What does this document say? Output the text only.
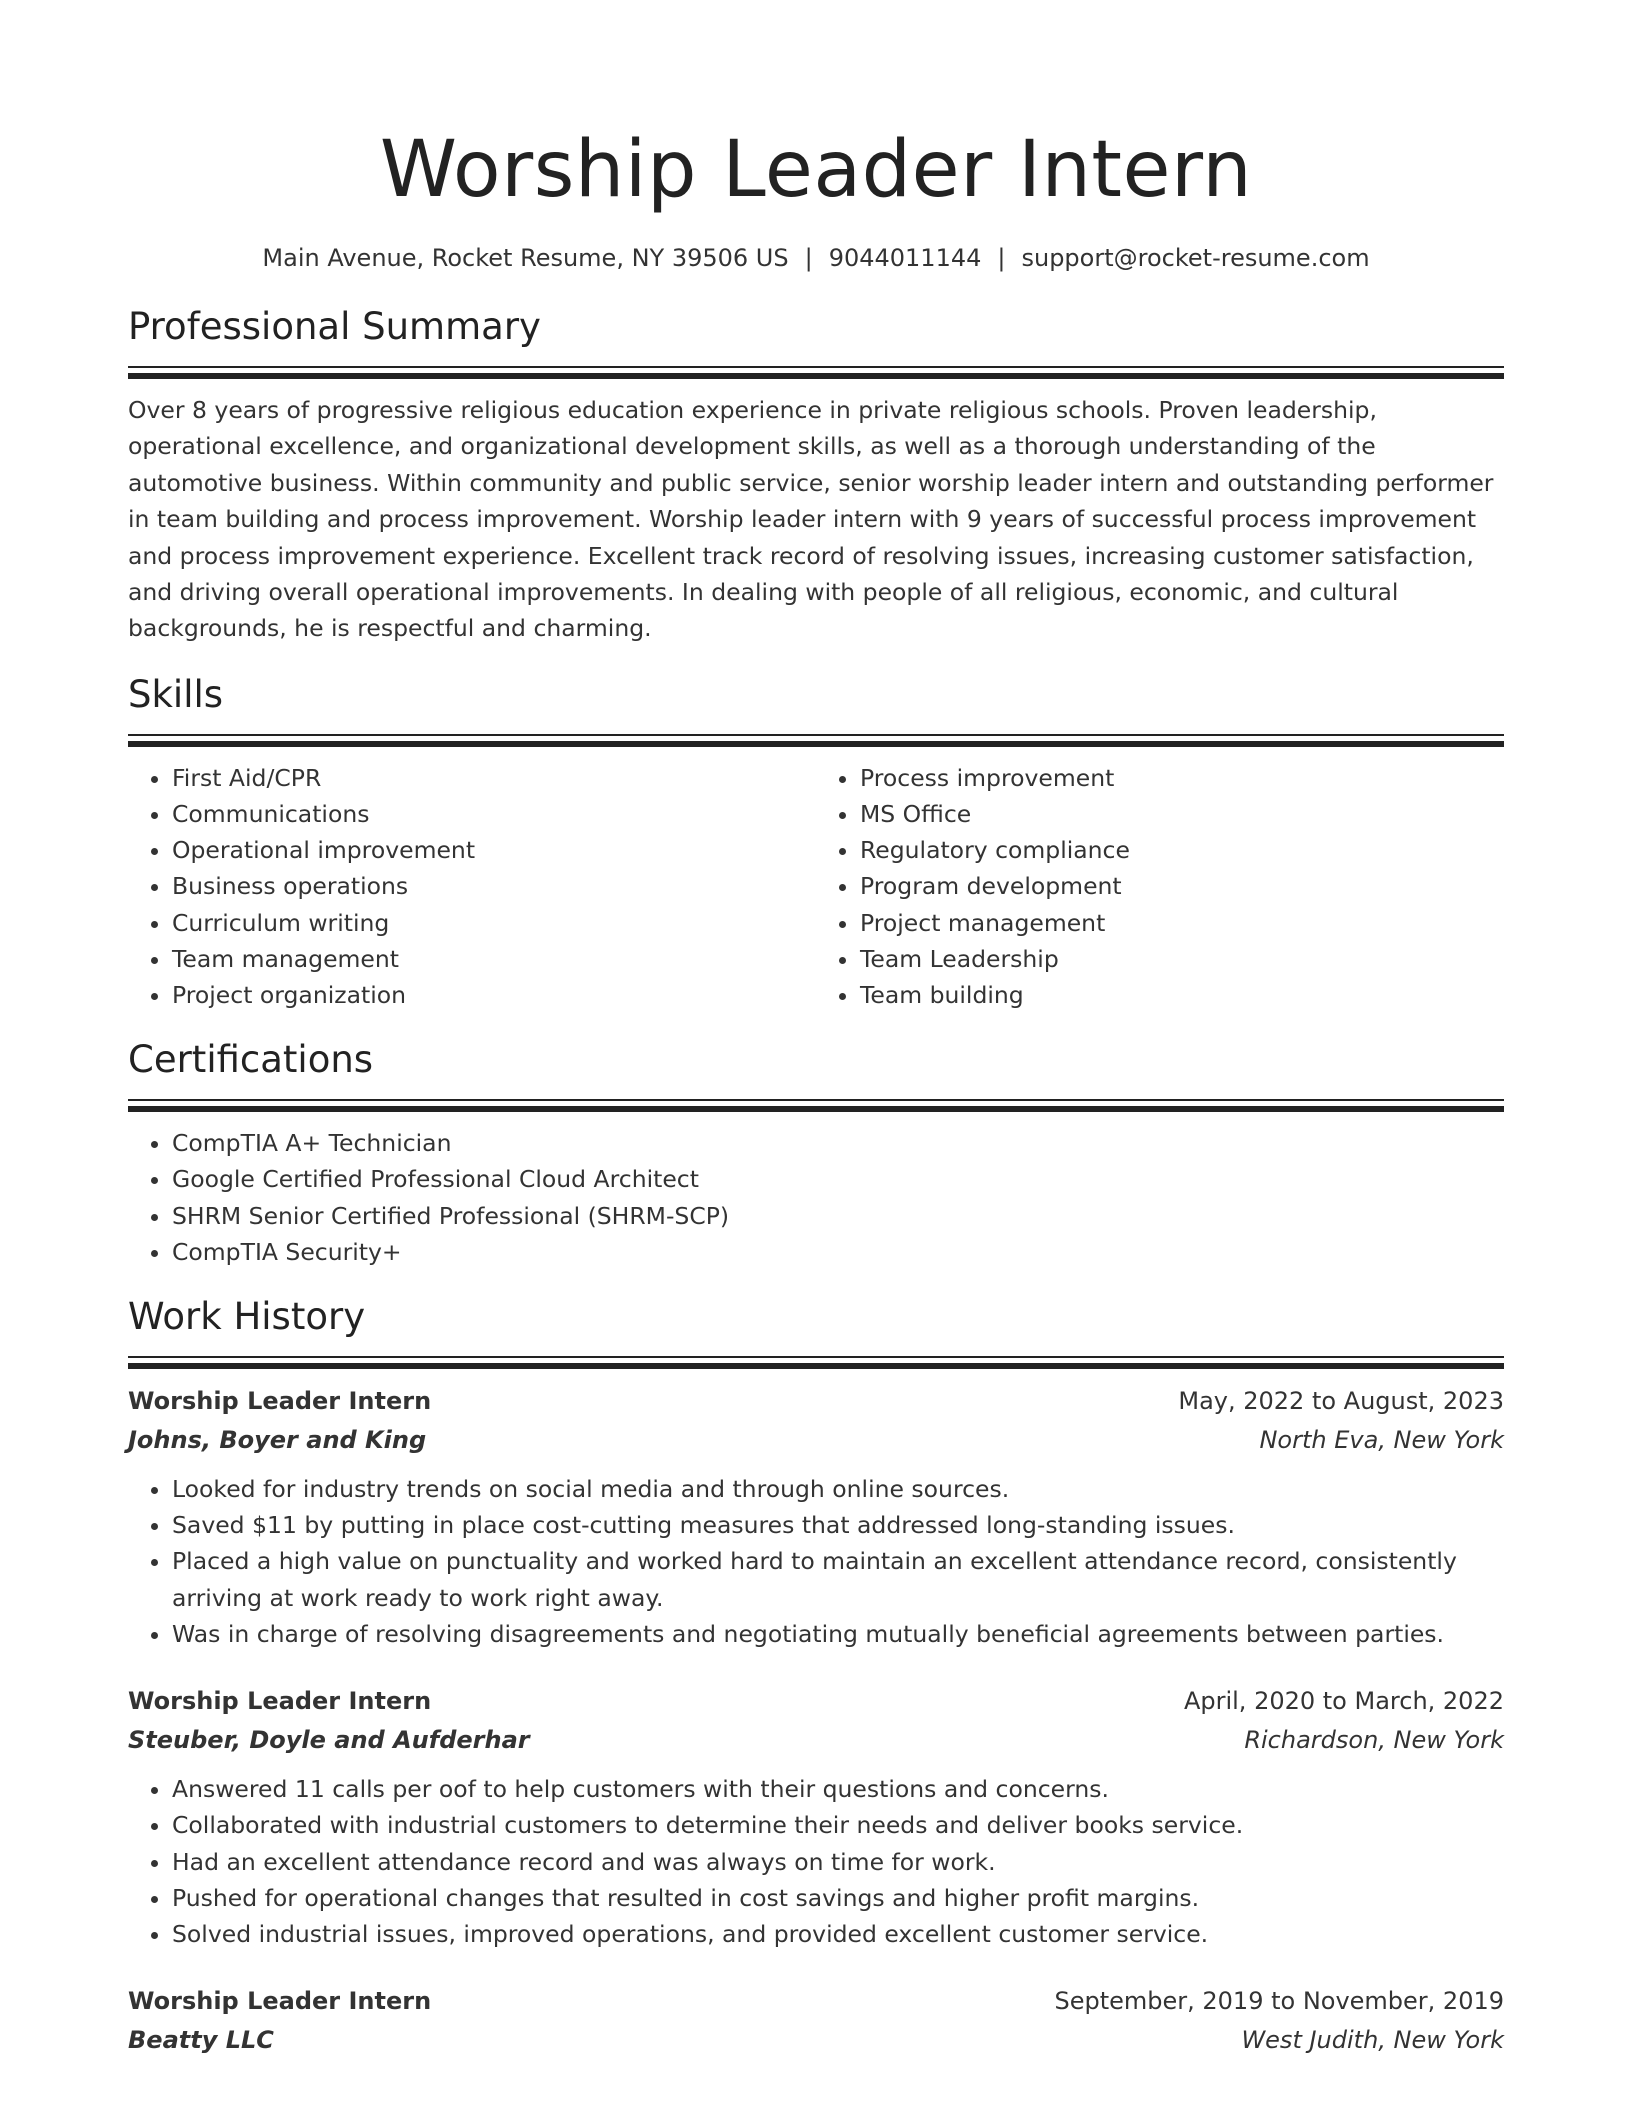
Worship Leader Intern
Main Avenue, Rocket Resume, NY 39506 US | 9044011144 | support@rocket-resume.com
Professional Summary
Over 8 years of progressive religious education experience in private religious schools. Proven leadership, operational excellence, and organizational development skills, as well as a thorough understanding of the automotive business. Within community and public service, senior worship leader intern and outstanding performer in team building and process improvement. Worship leader intern with 9 years of successful process improvement and process improvement experience. Excellent track record of resolving issues, increasing customer satisfaction, and driving overall operational improvements. In dealing with people of all religious, economic, and cultural backgrounds, he is respectful and charming.
Skills
• First Aid/CPR
• Communications
• Operational improvement
• Business operations
• Curriculum writing
• Team management
• Project organization
• Process improvement
• MS Office
• Regulatory compliance
• Program development
• Project management
• Team Leadership
• Team building
Certifications
• CompTIA A+ Technician
• Google Certified Professional Cloud Architect
• SHRM Senior Certified Professional (SHRM-SCP)
• CompTIA Security+
Work History
Worship Leader Intern	May, 2022 to August, 2023
Johns, Boyer and King	North Eva, New York
• Looked for industry trends on social media and through online sources.
• Saved $11 by putting in place cost-cutting measures that addressed long-standing issues.
• Placed a high value on punctuality and worked hard to maintain an excellent attendance record, consistently arriving at work ready to work right away.
• Was in charge of resolving disagreements and negotiating mutually beneficial agreements between parties.
Worship Leader Intern	April, 2020 to March, 2022
Steuber, Doyle and Aufderhar	Richardson, New York
• Answered 11 calls per oof to help customers with their questions and concerns.
• Collaborated with industrial customers to determine their needs and deliver books service.
• Had an excellent attendance record and was always on time for work.
• Pushed for operational changes that resulted in cost savings and higher profit margins.
• Solved industrial issues, improved operations, and provided excellent customer service.
Worship Leader Intern	September, 2019 to November, 2019
Beatty LLC	West Judith, New York
